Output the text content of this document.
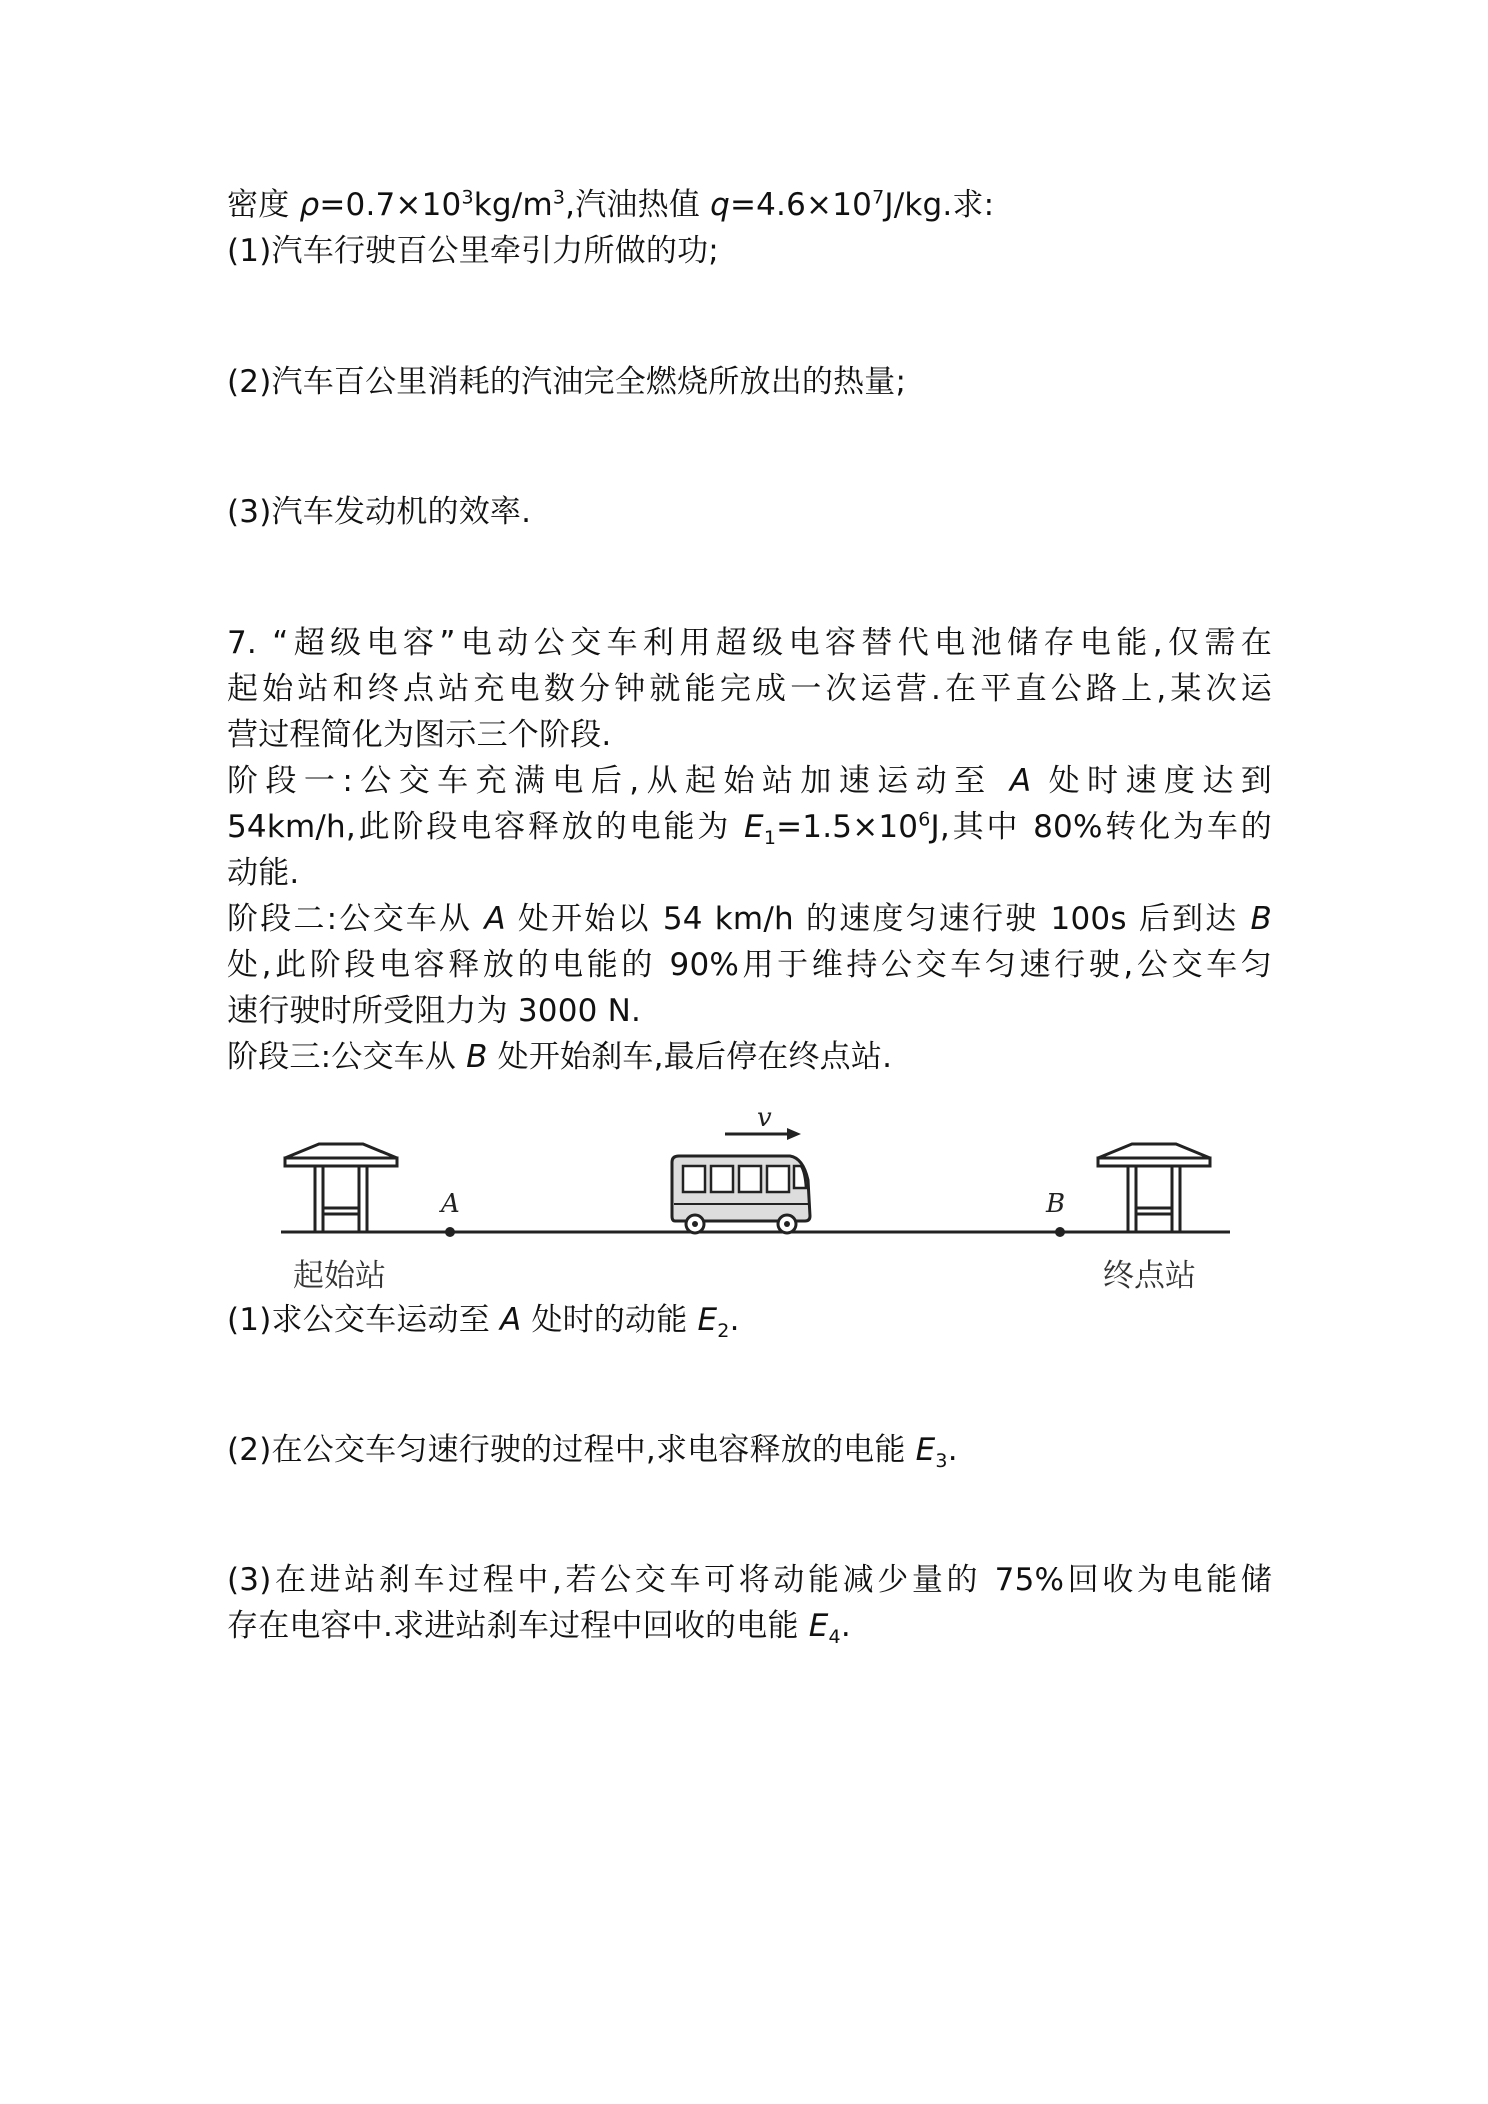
密度 $\rho=0.7\times 10^3kg/m^3$,汽油热值 $q=4.6\times 10^7J/kg$.求:
(1)汽车行驶百公里牵引力所做的功;
(2)汽车百公里消耗的汽油完全燃烧所放出的热量;
(3)汽车发动机的效率.
7. “超级电容”电动公交车利用超级电容替代电池储存电能,仅需在
起始站和终点站充电数分钟就能完成一次运营.在平直公路上,某次运
营过程简化为图示三个阶段.
阶段一:公交车充满电后,从起始站加速运动至 A 处时速度达到
54km/h,此阶段电容释放的电能为 $E_1=1.5\times 10^6J$,其中 80%转化为车的
动能.
阶段二:公交车从 A 处开始以 54 km/h 的速度匀速行驶 100s 后到达 B
处,此阶段电容释放的电能的 90%用于维持公交车匀速行驶,公交车匀
速行驶时所受阻力为 3000 N.
阶段三:公交车从 B 处开始刹车,最后停在终点站.
(1)求公交车运动至 A 处时的动能 $E_2$.
(2)在公交车匀速行驶的过程中,求电容释放的电能 $E_3$.
(3)在进站刹车过程中,若公交车可将动能减少量的 75%回收为电能储
存在电容中.求进站刹车过程中回收的电能 $E_4$.
A	B
v
起始站	终点站
